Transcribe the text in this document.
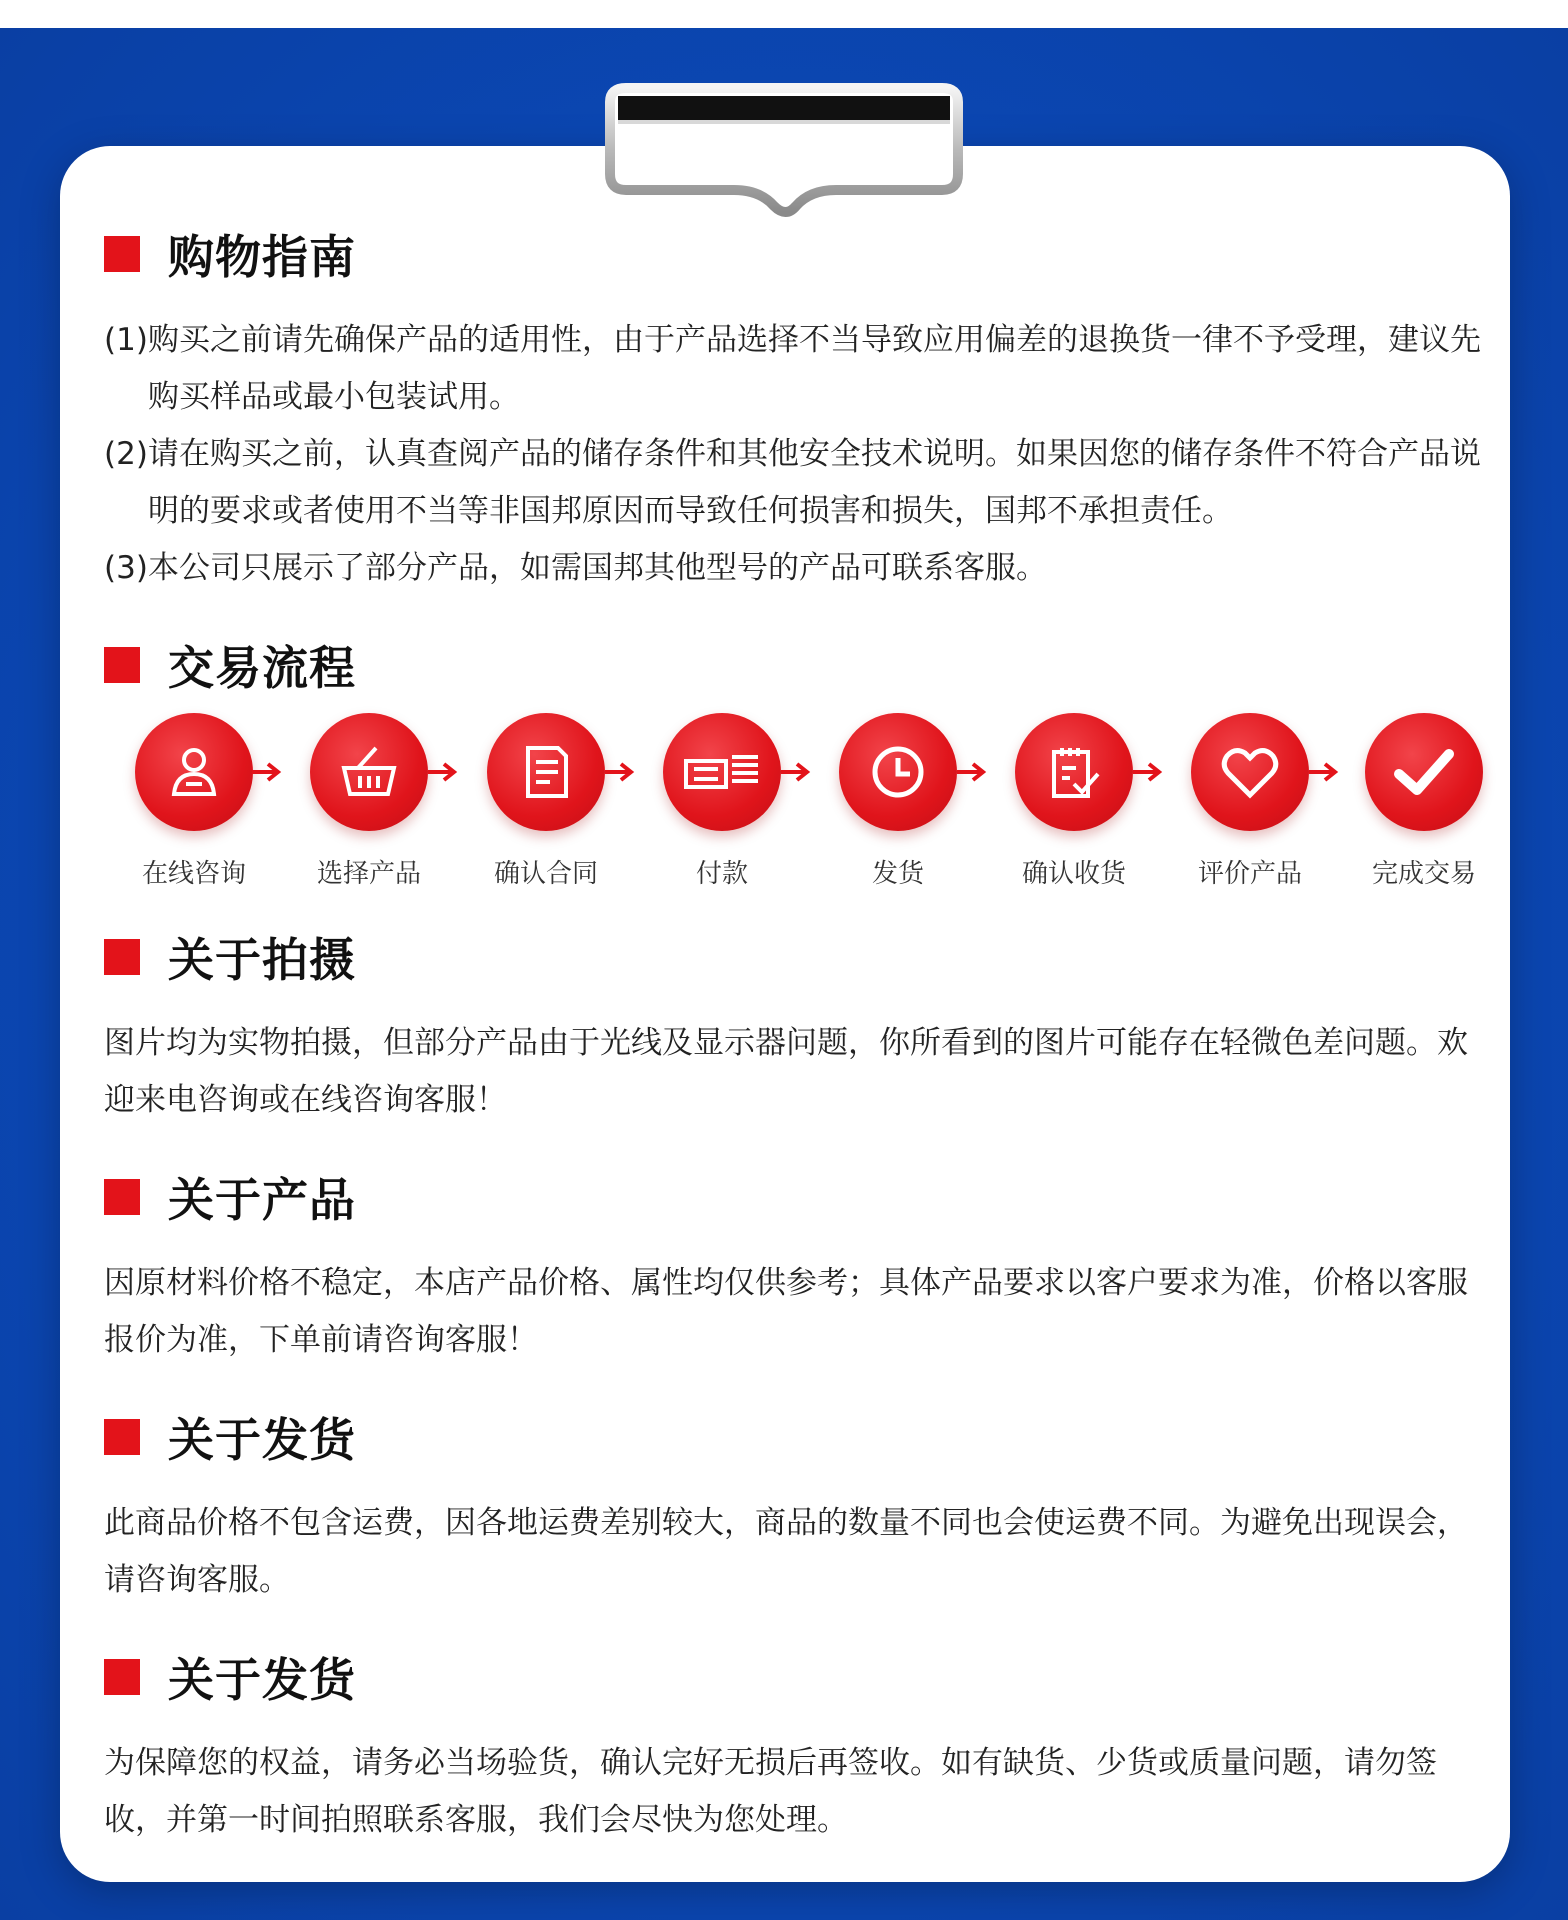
购物指南
(1) 购买之前请先确保产品的适用性，由于产品选择不当导致应用偏差的退换货一律不予受理，建议先购买样品或最小包装试用。
(2) 请在购买之前，认真查阅产品的储存条件和其他安全技术说明。如果因您的储存条件不符合产品说明的要求或者使用不当等非国邦原因而导致任何损害和损失，国邦不承担责任。
(3) 本公司只展示了部分产品，如需国邦其他型号的产品可联系客服。
交易流程
在线咨询	选择产品	确认合同	付款	发货	确认收货	评价产品	完成交易
关于拍摄

图片均为实物拍摄，但部分产品由于光线及显示器问题，你所看到的图片可能存在轻微色差问题。欢迎来电咨询或在线咨询客服！

关于产品

因原材料价格不稳定，本店产品价格、属性均仅供参考；具体产品要求以客户要求为准，价格以客服报价为准，下单前请咨询客服！

关于发货

此商品价格不包含运费，因各地运费差别较大，商品的数量不同也会使运费不同。为避免出现误会，请咨询客服。

关于发货

为保障您的权益，请务必当场验货，确认完好无损后再签收。如有缺货、少货或质量问题，请勿签收，并第一时间拍照联系客服，我们会尽快为您处理。
